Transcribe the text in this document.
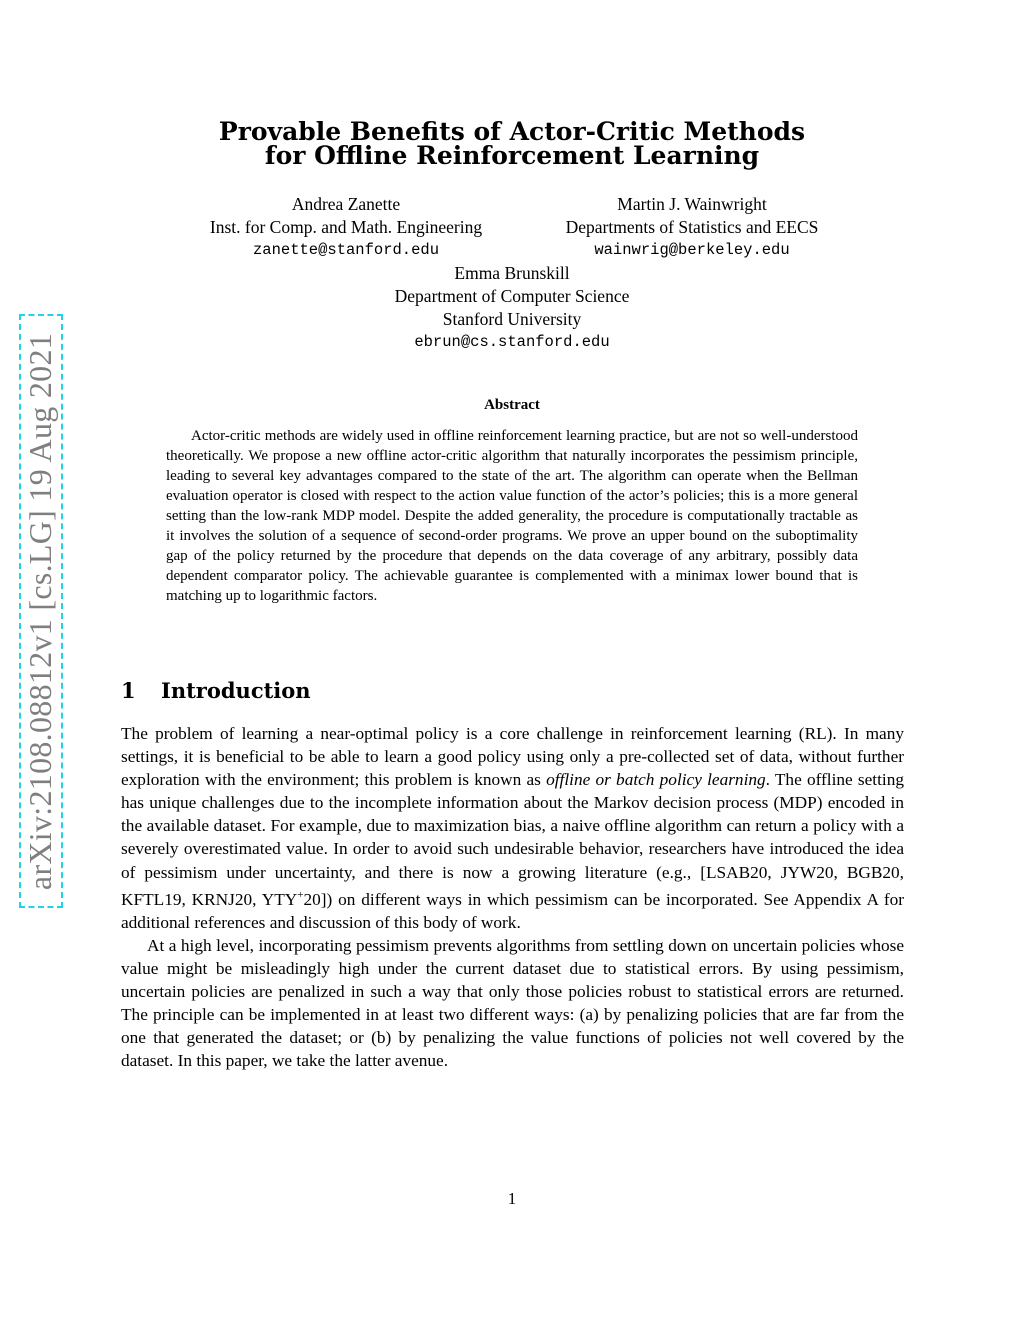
arXiv:2108.08812v1 [cs.LG] 19 Aug 2021
Provable Benefits of Actor-Critic Methods
for Offline Reinforcement Learning
Andrea Zanette
Inst. for Comp. and Math. Engineering
zanette@stanford.edu
Martin J. Wainwright
Departments of Statistics and EECS
wainwrig@berkeley.edu
Emma Brunskill
Department of Computer Science
Stanford University
ebrun@cs.stanford.edu
Abstract
Actor-critic methods are widely used in offline reinforcement learning practice, but are not so well-understood theoretically. We propose a new offline actor-critic algorithm that naturally incorporates the pessimism principle, leading to several key advantages compared to the state of the art. The algorithm can operate when the Bellman evaluation operator is closed with respect to the action value function of the actor’s policies; this is a more general setting than the low-rank MDP model. Despite the added generality, the procedure is computationally tractable as it involves the solution of a sequence of second-order programs. We prove an upper bound on the suboptimality gap of the policy returned by the procedure that depends on the data coverage of any arbitrary, possibly data dependent comparator policy. The achievable guarantee is complemented with a minimax lower bound that is matching up to logarithmic factors.
1 Introduction

The problem of learning a near-optimal policy is a core challenge in reinforcement learning (RL). In many settings, it is beneficial to be able to learn a good policy using only a pre-collected set of data, without further exploration with the environment; this problem is known as offline or batch policy learning. The offline setting has unique challenges due to the incomplete information about the Markov decision process (MDP) encoded in the available dataset. For example, due to maximization bias, a naive offline algorithm can return a policy with a severely overestimated value. In order to avoid such undesirable behavior, researchers have introduced the idea of pessimism under uncertainty, and there is now a growing literature (e.g., [LSAB20, JYW20, BGB20, KFTL19, KRNJ20, YTY+20]) on different ways in which pessimism can be incorporated. See Appendix A for additional references and discussion of this body of work.

At a high level, incorporating pessimism prevents algorithms from settling down on uncertain policies whose value might be misleadingly high under the current dataset due to statistical errors. By using pessimism, uncertain policies are penalized in such a way that only those policies robust to statistical errors are returned. The principle can be implemented in at least two different ways: (a) by penalizing policies that are far from the one that generated the dataset; or (b) by penalizing the value functions of policies not well covered by the dataset. In this paper, we take the latter avenue.

1
